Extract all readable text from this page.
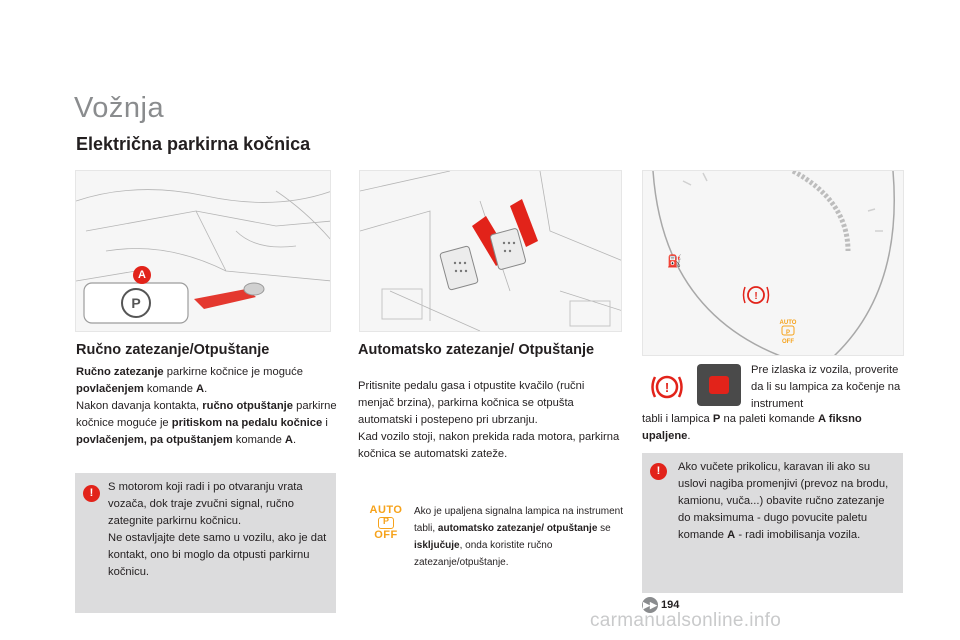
Vožnja
Električna parkirna kočnica
P
A
⛽
!
AUTO
P
OFF
Ručno zatezanje/Otpuštanje
Ručno zatezanje parkirne kočnice je moguće povlačenjem komande A.
Nakon davanja kontakta, ručno otpuštanje parkirne kočnice moguće je pritiskom na pedalu kočnice i povlačenjem, pa otpuštanjem komande A.
!	S motorom koji radi i po otvaranju vrata vozača, dok traje zvučni signal, ručno zategnite parkirnu kočnicu.
Ne ostavljajte dete samo u vozilu, ako je dat kontakt, ono bi moglo da otpusti parkirnu kočnicu.
Automatsko zatezanje/ Otpuštanje
Pritisnite pedalu gasa i otpustite kvačilo (ručni menjač brzina), parkirna kočnica se otpušta automatski i postepeno pri ubrzanju.
Kad vozilo stoji, nakon prekida rada motora, parkirna kočnica se automatski zateže.
AUTO
P
OFF
Ako je upaljena signalna lampica na instrument tabli, automatsko zatezanje/ otpuštanje se isključuje, onda koristite ručno zatezanje/otpuštanje.
!
Pre izlaska iz vozila, proverite da li su lampica za kočenje na instrument
tabli i lampica P na paleti komande A fiksno upaljene.
!	Ako vučete prikolicu, karavan ili ako su uslovi nagiba promenjivi (prevoz na brodu, kamionu, vuča...) obavite ručno zatezanje do maksimuma - dugo povucite paletu komande A - radi imobilisanja vozila.
▶▶ 194
carmanualsonline.info
